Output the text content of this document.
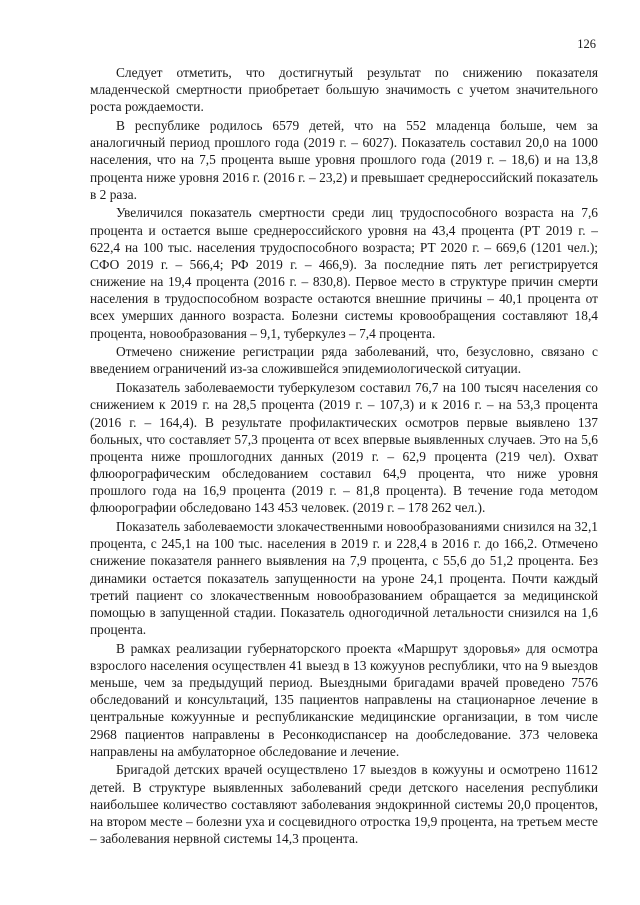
126

Следует отметить, что достигнутый результат по снижению показателя младенческой смертности приобретает большую значимость с учетом значительного роста рождаемости.

В республике родилось 6579 детей, что на 552 младенца больше, чем за аналогичный период прошлого года (2019 г. – 6027). Показатель составил 20,0 на 1000 населения, что на 7,5 процента выше уровня прошлого года (2019 г. – 18,6) и на 13,8 процента ниже уровня 2016 г. (2016 г. – 23,2) и превышает среднероссийский показатель в 2 раза.

Увеличился показатель смертности среди лиц трудоспособного возраста на 7,6 процента и остается выше среднероссийского уровня на 43,4 процента (РТ 2019 г. – 622,4 на 100 тыс. населения трудоспособного возраста; РТ 2020 г. – 669,6 (1201 чел.); СФО 2019 г. – 566,4; РФ 2019 г. – 466,9). За последние пять лет регистрируется снижение на 19,4 процента (2016 г. – 830,8). Первое место в структуре причин смерти населения в трудоспособном возрасте остаются внешние причины – 40,1 процента от всех умерших данного возраста. Болезни системы кровообращения составляют 18,4 процента, новообразования – 9,1, туберкулез – 7,4 процента.

Отмечено снижение регистрации ряда заболеваний, что, безусловно, связано с введением ограничений из-за сложившейся эпидемиологической ситуации.

Показатель заболеваемости туберкулезом составил 76,7 на 100 тысяч населения со снижением к 2019 г. на 28,5 процента (2019 г. – 107,3) и к 2016 г. – на 53,3 процента (2016 г. – 164,4). В результате профилактических осмотров первые выявлено 137 больных, что составляет 57,3 процента от всех впервые выявленных случаев. Это на 5,6 процента ниже прошлогодних данных (2019 г. – 62,9 процента (219 чел). Охват флюорографическим обследованием составил 64,9 процента, что ниже уровня прошлого года на 16,9 процента (2019 г. – 81,8 процента). В течение года методом флюорографии обследовано 143 453 человек. (2019 г. – 178 262 чел.).

Показатель заболеваемости злокачественными новообразованиями снизился на 32,1 процента, с 245,1 на 100 тыс. населения в 2019 г. и 228,4 в 2016 г. до 166,2. Отмечено снижение показателя раннего выявления на 7,9 процента, с 55,6 до 51,2 процента. Без динамики остается показатель запущенности на уроне 24,1 процента. Почти каждый третий пациент со злокачественным новообразованием обращается за медицинской помощью в запущенной стадии. Показатель одногодичной летальности снизился на 1,6 процента.

В рамках реализации губернаторского проекта «Маршрут здоровья» для осмотра взрослого населения осуществлен 41 выезд в 13 кожуунов республики, что на 9 выездов меньше, чем за предыдущий период. Выездными бригадами врачей проведено 7576 обследований и консультаций, 135 пациентов направлены на стационарное лечение в центральные кожуунные и республиканские медицинские организации, в том числе 2968 пациентов направлены в Ресонкодиспансер на дообследование. 373 человека направлены на амбулаторное обследование и лечение.

Бригадой детских врачей осуществлено 17 выездов в кожууны и осмотрено 11612 детей. В структуре выявленных заболеваний среди детского населения республики наибольшее количество составляют заболевания эндокринной системы 20,0 процентов, на втором месте – болезни уха и сосцевидного отростка 19,9 процента, на третьем месте – заболевания нервной системы 14,3 процента.
